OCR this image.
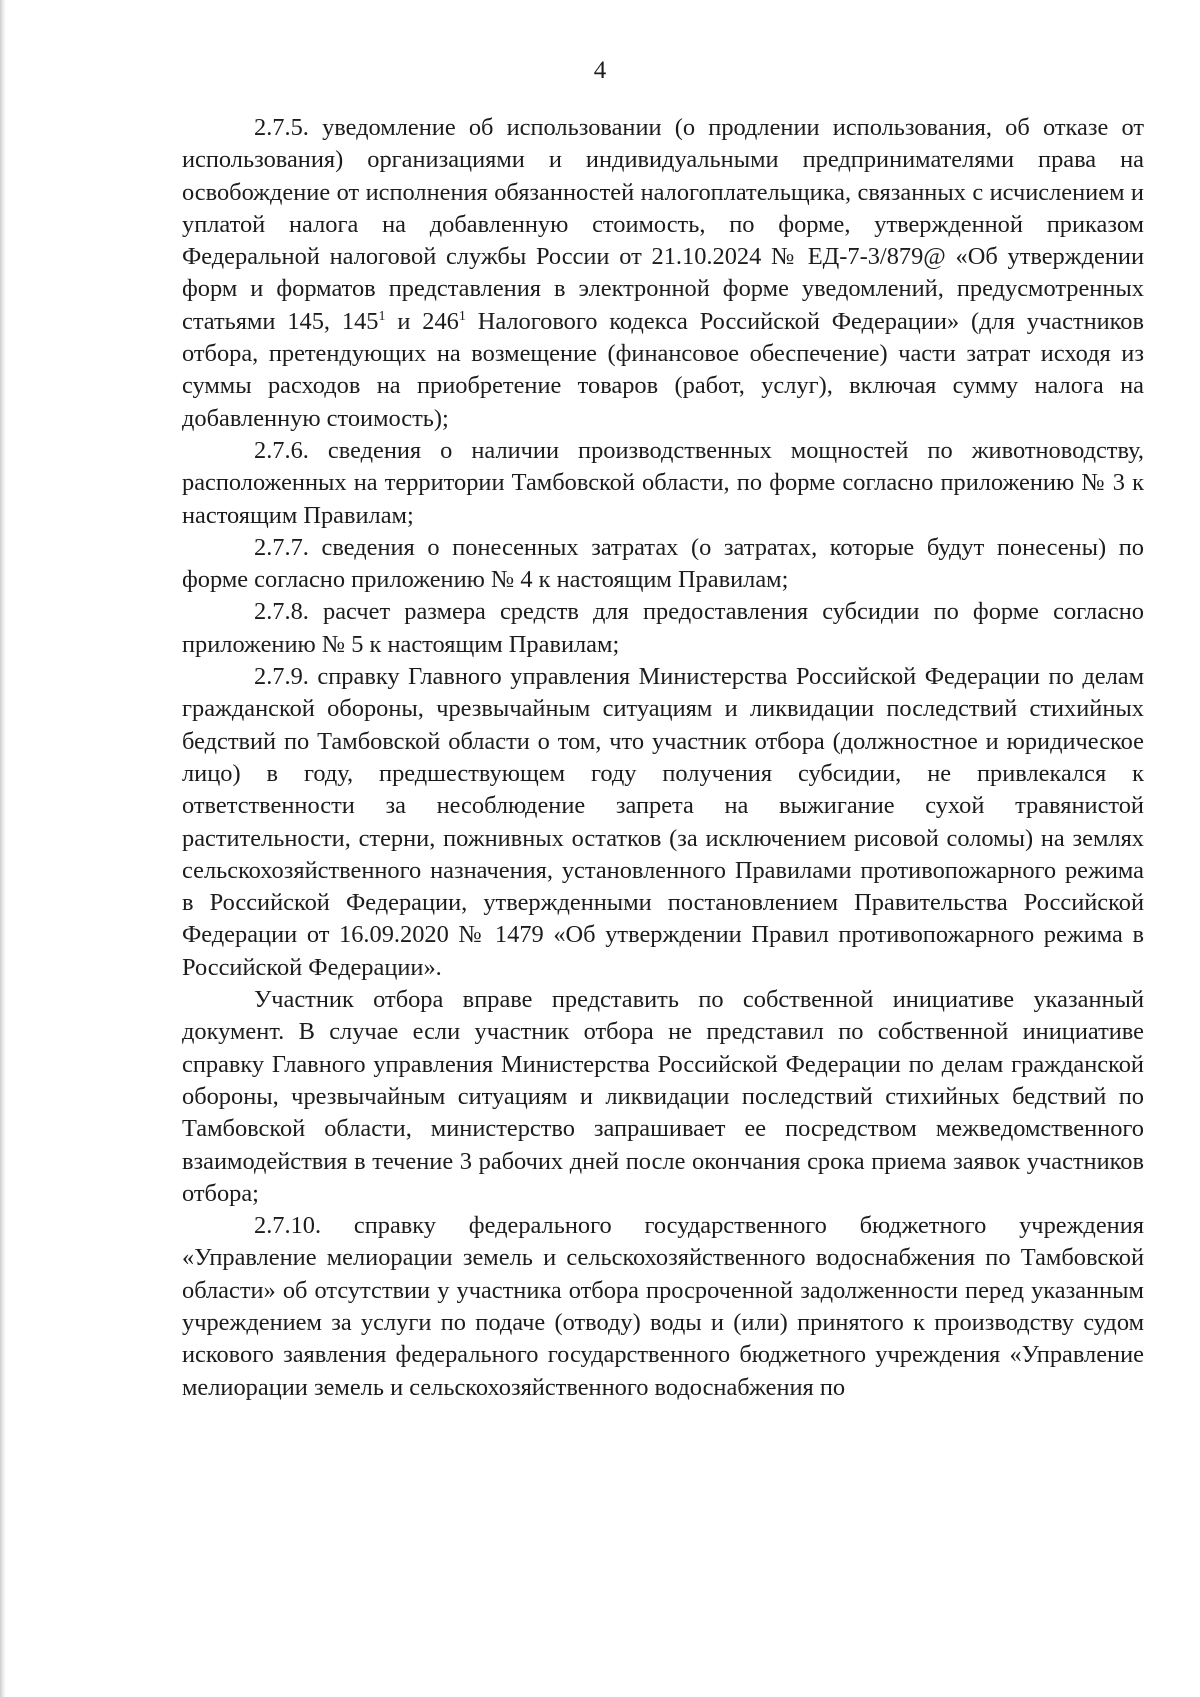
4

2.7.5. уведомление об использовании (о продлении использования, об отказе от использования) организациями и индивидуальными предпринимателями права на освобождение от исполнения обязанностей налогоплательщика, связанных с исчислением и уплатой налога на добавленную стоимость, по форме, утвержденной приказом Федеральной налоговой службы России от 21.10.2024 № ЕД-7-3/879@ «Об утверждении форм и форматов представления в электронной форме уведомлений, предусмотренных статьями 145, $145^1$ и $246^1$ Налогового кодекса Российской Федерации» (для участников отбора, претендующих на возмещение (финансовое обеспечение) части затрат исходя из суммы расходов на приобретение товаров (работ, услуг), включая сумму налога на добавленную стоимость);

2.7.6. сведения о наличии производственных мощностей по животноводству, расположенных на территории Тамбовской области, по форме согласно приложению № 3 к настоящим Правилам;

2.7.7. сведения о понесенных затратах (о затратах, которые будут понесены) по форме согласно приложению № 4 к настоящим Правилам;

2.7.8. расчет размера средств для предоставления субсидии по форме согласно приложению № 5 к настоящим Правилам;

2.7.9. справку Главного управления Министерства Российской Федерации по делам гражданской обороны, чрезвычайным ситуациям и ликвидации последствий стихийных бедствий по Тамбовской области о том, что участник отбора (должностное и юридическое лицо) в году, предшествующем году получения субсидии, не привлекался к ответственности за несоблюдение запрета на выжигание сухой травянистой растительности, стерни, пожнивных остатков (за исключением рисовой соломы) на землях сельскохозяйственного назначения, установленного Правилами противопожарного режима в Российской Федерации, утвержденными постановлением Правительства Российской Федерации от 16.09.2020 № 1479 «Об утверждении Правил противопожарного режима в Российской Федерации».

Участник отбора вправе представить по собственной инициативе указанный документ. В случае если участник отбора не представил по собственной инициативе справку Главного управления Министерства Российской Федерации по делам гражданской обороны, чрезвычайным ситуациям и ликвидации последствий стихийных бедствий по Тамбовской области, министерство запрашивает ее посредством межведомственного взаимодействия в течение 3 рабочих дней после окончания срока приема заявок участников отбора;

2.7.10. справку федерального государственного бюджетного учреждения «Управление мелиорации земель и сельскохозяйственного водоснабжения по Тамбовской области» об отсутствии у участника отбора просроченной задолженности перед указанным учреждением за услуги по подаче (отводу) воды и (или) принятого к производству судом искового заявления федерального государственного бюджетного учреждения «Управление мелиорации земель и сельскохозяйственного водоснабжения по
